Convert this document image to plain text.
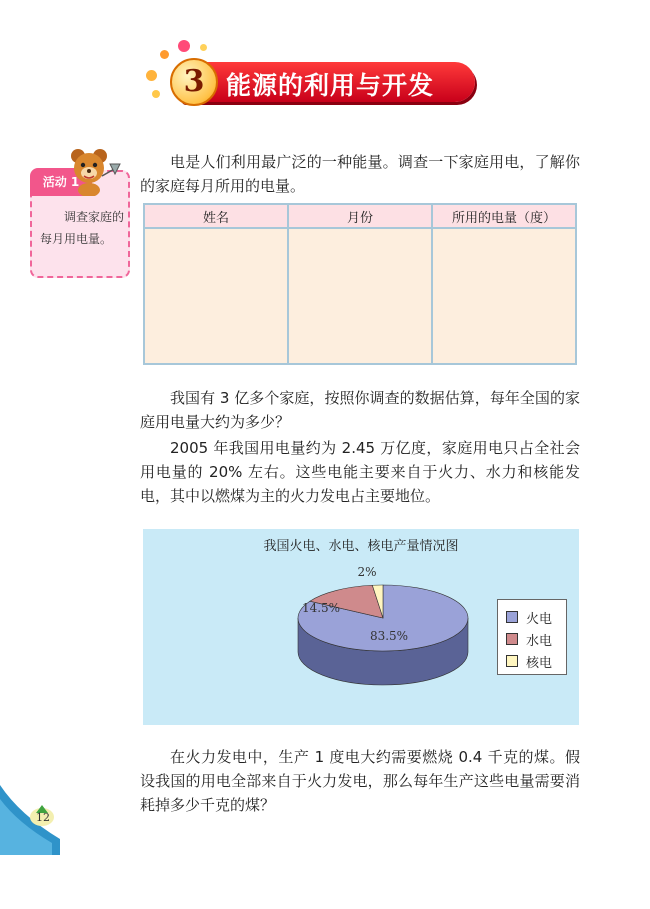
3 能源的利用与开发
活动 1
调查家庭的每月用电量。
电是人们利用最广泛的一种能量。调查一下家庭用电，了解你的家庭每月所用的电量。
姓名	月份	所用的电量（度）

我国有 3 亿多个家庭，按照你调查的数据估算，每年全国的家庭用电量大约为多少？
2005 年我国用电量约为 2.45 万亿度，家庭用电只占全社会用电量的 20% 左右。这些电能主要来自于火力、水力和核能发电，其中以燃煤为主的火力发电占主要地位。
83.5%
14.5%
2%
我国火电、水电、核电产量情况图
火电
水电
核电
在火力发电中，生产 1 度电大约需要燃烧 0.4 千克的煤。假设我国的用电全部来自于火力发电，那么每年生产这些电量需要消耗掉多少千克的煤？
12
